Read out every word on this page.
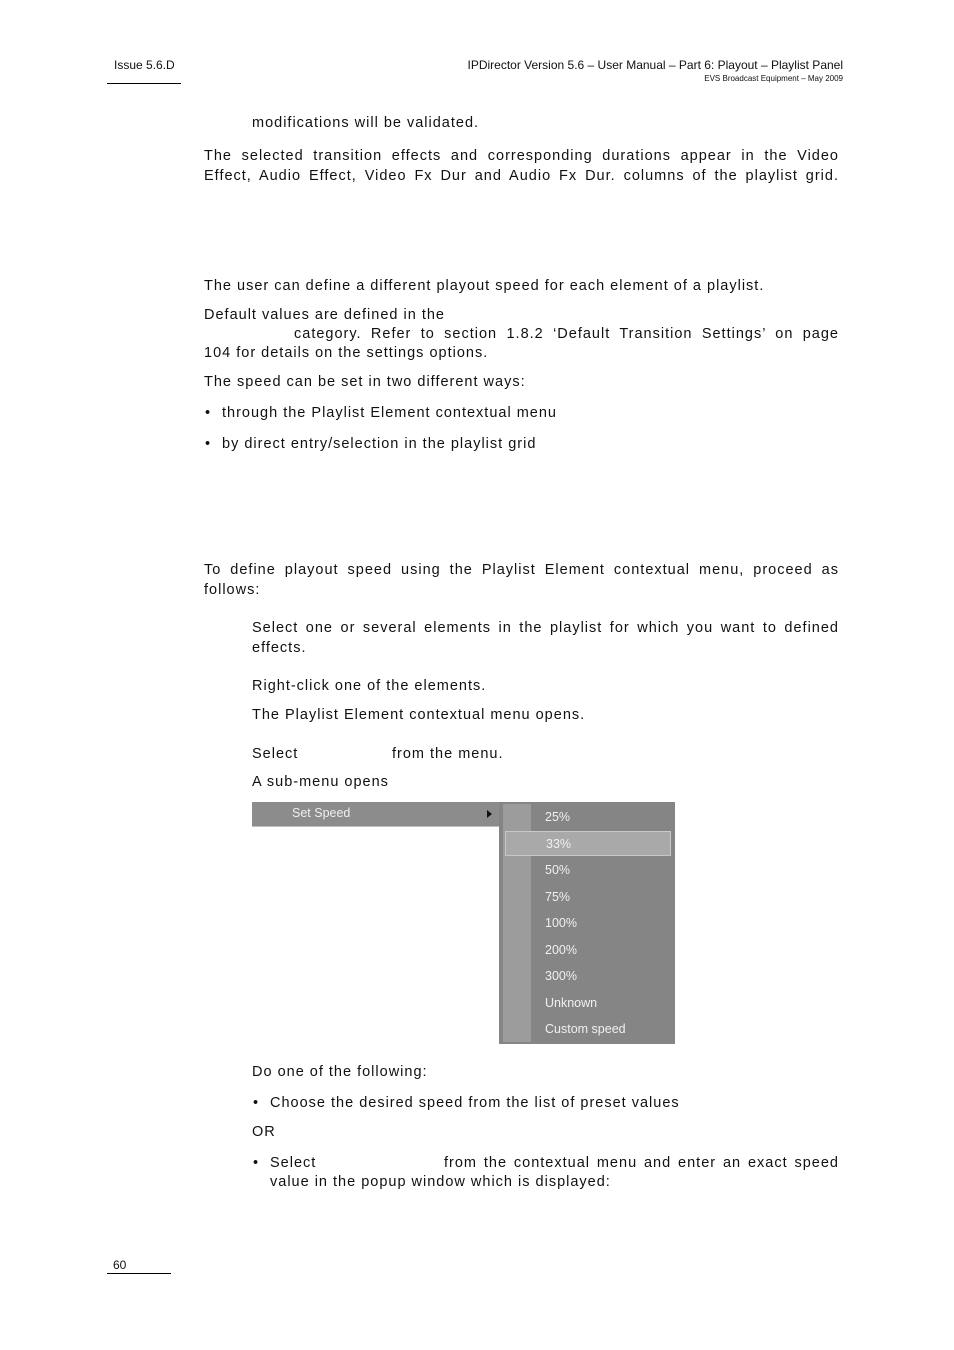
Issue 5.6.D	IPDirector Version 5.6 – User Manual – Part 6: Playout – Playlist Panel
EVS Broadcast Equipment – May 2009
modifications will be validated.
The selected transition effects and corresponding durations appear in the Video Effect, Audio Effect, Video Fx Dur and Audio Fx Dur. columns of the playlist grid.
The user can define a different playout speed for each element of a playlist.
Default values are defined in the
category. Refer to section 1.8.2 ‘Default Transition Settings’ on page
104 for details on the settings options.
The speed can be set in two different ways:
• through the Playlist Element contextual menu
• by direct entry/selection in the playlist grid
To define playout speed using the Playlist Element contextual menu, proceed as follows:
Select one or several elements in the playlist for which you want to defined effects.
Right-click one of the elements.
The Playlist Element contextual menu opens.
Select	from the menu.
A sub-menu opens
Set Speed	25%
33%
50%
75%
100%
200%
300%
Unknown
Custom speed
Do one of the following:
• Choose the desired speed from the list of preset values
OR
• Select	from the contextual menu and enter an exact speed
value in the popup window which is displayed:
60
